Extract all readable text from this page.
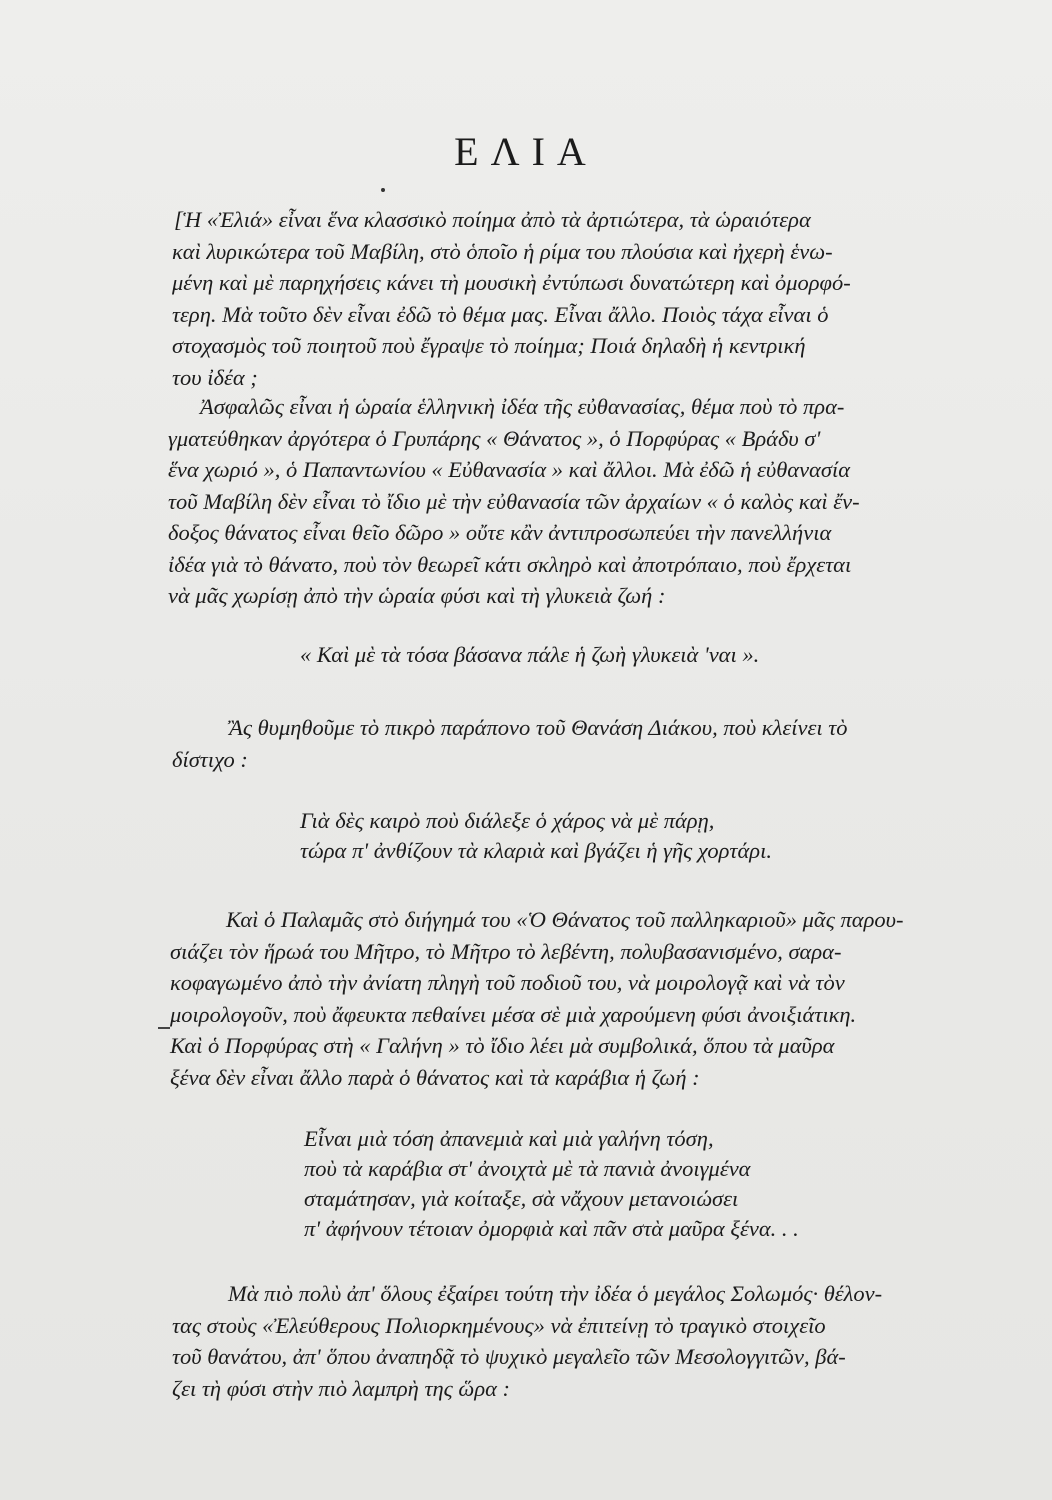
ΕΛΙΑ
[Ἡ «Ἐλιά» εἶναι ἕνα κλασσικὸ ποίημα ἀπὸ τὰ ἀρτιώτερα, τὰ ὡραιότερα
καὶ λυρικώτερα τοῦ Μαβίλη, στὸ ὁποῖο ἡ ρίμα του πλούσια καὶ ἠχερὴ ἑνω-
μένη καὶ μὲ παρηχήσεις κάνει τὴ μουσικὴ ἐντύπωσι δυνατώτερη καὶ ὀμορφό-
τερη. Μὰ τοῦτο δὲν εἶναι ἐδῶ τὸ θέμα μας. Εἶναι ἄλλο. Ποιὸς τάχα εἶναι ὁ
στοχασμὸς τοῦ ποιητοῦ ποὺ ἔγραψε τὸ ποίημα; Ποιά δηλαδὴ ἡ κεντρική
του ἰδέα ;
Ἀσφαλῶς εἶναι ἡ ὡραία ἑλληνικὴ ἰδέα τῆς εὐθανασίας, θέμα ποὺ τὸ πρα-
γματεύθηκαν ἀργότερα ὁ Γρυπάρης « Θάνατος », ὁ Πορφύρας « Βράδυ σ'
ἕνα χωριό », ὁ Παπαντωνίου « Εὐθανασία » καὶ ἄλλοι. Μὰ ἐδῶ ἡ εὐθανασία
τοῦ Μαβίλη δὲν εἶναι τὸ ἴδιο μὲ τὴν εὐθανασία τῶν ἀρχαίων « ὁ καλὸς καὶ ἔν-
δοξος θάνατος εἶναι θεῖο δῶρο » οὔτε κἂν ἀντιπροσωπεύει τὴν πανελλήνια
ἰδέα γιὰ τὸ θάνατο, ποὺ τὸν θεωρεῖ κάτι σκληρὸ καὶ ἀποτρόπαιο, ποὺ ἔρχεται
νὰ μᾶς χωρίσῃ ἀπὸ τὴν ὡραία φύσι καὶ τὴ γλυκειὰ ζωή :
« Καὶ μὲ τὰ τόσα βάσανα πάλε ἡ ζωὴ γλυκειὰ 'ναι ».
Ἂς θυμηθοῦμε τὸ πικρὸ παράπονο τοῦ Θανάση Διάκου, ποὺ κλείνει τὸ
δίστιχο :
Γιὰ δὲς καιρὸ ποὺ διάλεξε ὁ χάρος νὰ μὲ πάρῃ,
τώρα π' ἀνθίζουν τὰ κλαριὰ καὶ βγάζει ἡ γῆς χορτάρι.
Καὶ ὁ Παλαμᾶς στὸ διήγημά του «Ὁ Θάνατος τοῦ παλληκαριοῦ» μᾶς παρου-
σιάζει τὸν ἥρωά του Μῆτρο, τὸ Μῆτρο τὸ λεβέντη, πολυβασανισμένο, σαρα-
κοφαγωμένο ἀπὸ τὴν ἀνίατη πληγὴ τοῦ ποδιοῦ του, νὰ μοιρολογᾷ καὶ νὰ τὸν
μοιρολογοῦν, ποὺ ἄφευκτα πεθαίνει μέσα σὲ μιὰ χαρούμενη φύσι ἀνοιξιάτικη.
Καὶ ὁ Πορφύρας στὴ « Γαλήνη » τὸ ἴδιο λέει μὰ συμβολικά, ὅπου τὰ μαῦρα
ξένα δὲν εἶναι ἄλλο παρὰ ὁ θάνατος καὶ τὰ καράβια ἡ ζωή :
Εἶναι μιὰ τόση ἀπανεμιὰ καὶ μιὰ γαλήνη τόση,
ποὺ τὰ καράβια στ' ἀνοιχτὰ μὲ τὰ πανιὰ ἀνοιγμένα
σταμάτησαν, γιὰ κοίταξε, σὰ νἄχουν μετανοιώσει
π' ἀφήνουν τέτοιαν ὀμορφιὰ καὶ πᾶν στὰ μαῦρα ξένα. . .
Μὰ πιὸ πολὺ ἀπ' ὅλους ἐξαίρει τούτη τὴν ἰδέα ὁ μεγάλος Σολωμός· θέλον-
τας στοὺς «Ἐλεύθερους Πολιορκημένους» νὰ ἐπιτείνῃ τὸ τραγικὸ στοιχεῖο
τοῦ θανάτου, ἀπ' ὅπου ἀναπηδᾷ τὸ ψυχικὸ μεγαλεῖο τῶν Μεσολογγιτῶν, βά-
ζει τὴ φύσι στὴν πιὸ λαμπρὴ της ὥρα :
